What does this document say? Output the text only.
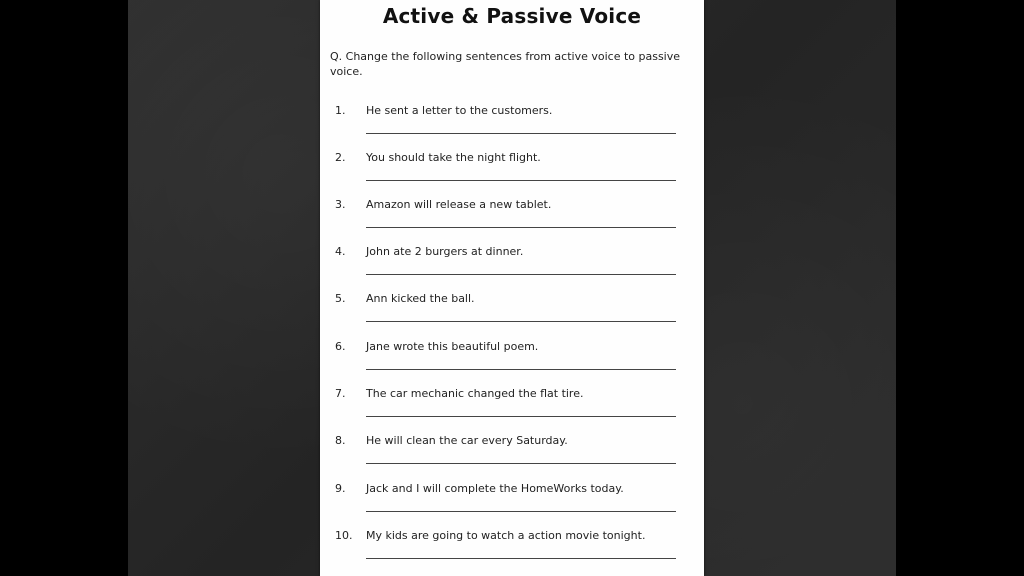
Active & Passive Voice
Q. Change the following sentences from active voice to passive voice.
1.	He sent a letter to the customers.
2.	You should take the night flight.
3.	Amazon will release a new tablet.
4.	John ate 2 burgers at dinner.
5.	Ann kicked the ball.
6.	Jane wrote this beautiful poem.
7.	The car mechanic changed the flat tire.
8.	He will clean the car every Saturday.
9.	Jack and I will complete the HomeWorks today.
10.	My kids are going to watch a action movie tonight.
